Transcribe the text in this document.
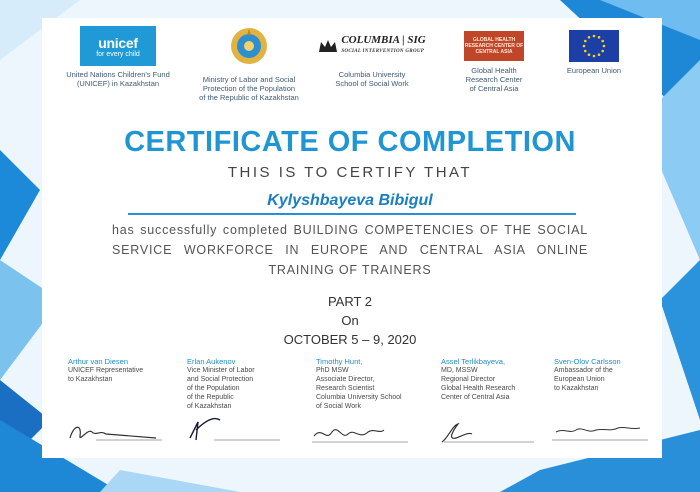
unicef
for every child
United Nations Children's Fund
(UNICEF) in Kazakhstan	Ministry of Labor and Social
Protection of the Population
of the Republic of Kazakhstan
COLUMBIA | SIG
SOCIAL INTERVENTION GROUP
Columbia University
School of Social Work
GLOBAL HEALTH RESEARCH CENTER OF CENTRAL ASIA
Global Health
Research Center
of Central Asia
European Union
CERTIFICATE OF COMPLETION
THIS IS TO CERTIFY THAT
Kylyshbayeva Bibigul
has successfully completed BUILDING COMPETENCIES OF THE SOCIAL SERVICE WORKFORCE IN EUROPE AND CENTRAL ASIA ONLINE TRAINING OF TRAINERS
PART 2
On
OCTOBER 5 – 9, 2020
Arthur van Diesen
UNICEF Representative
to Kazakhstan
Erlan Aukenov
Vice Minister of Labor
and Social Protection
of the Population
of the Republic
of Kazakhstan
Timothy Hunt,
PhD MSW
Associate Director,
Research Scientist
Columbia University School
of Social Work
Assel Terlikbayeva,
MD, MSSW
Regional Director
Global Health Research
Center of Central Asia
Sven-Olov Carlsson
Ambassador of the
European Union
to Kazakhstan
